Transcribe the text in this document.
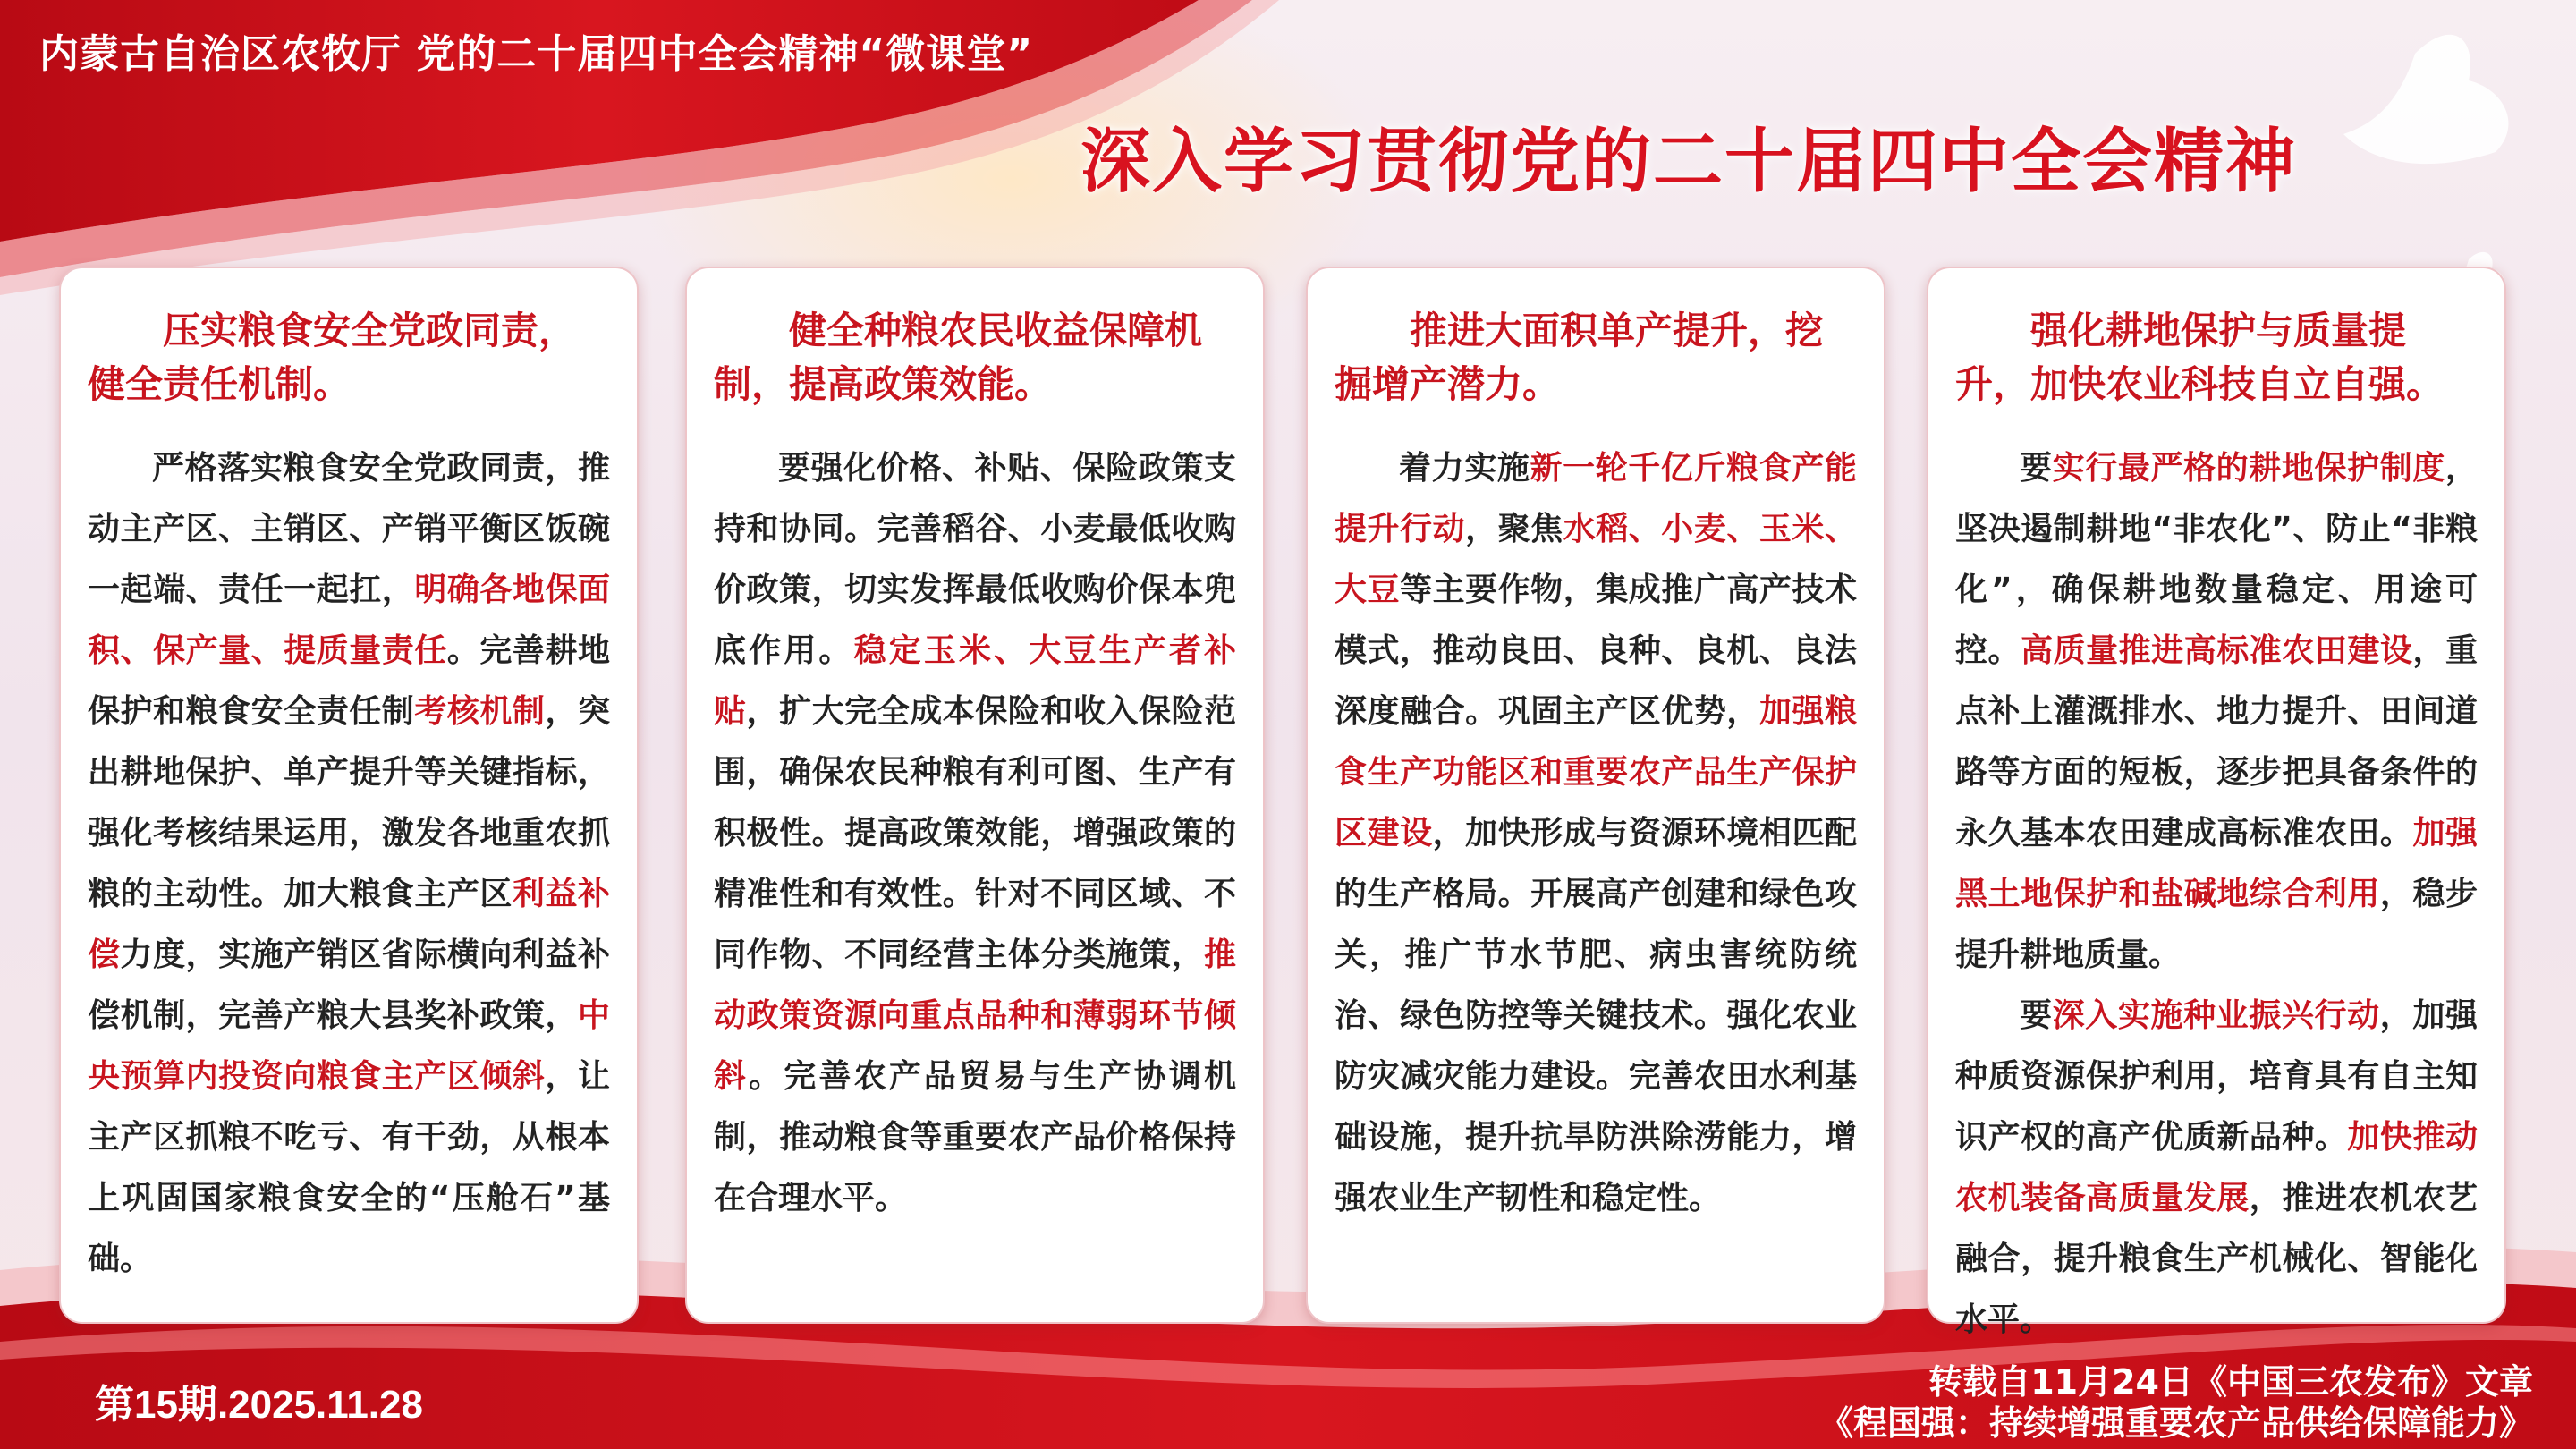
内蒙古自治区农牧厅 党的二十届四中全会精神“微课堂”
深入学习贯彻党的二十届四中全会精神
压实粮食安全党政同责，健全责任机制。
严格落实粮食安全党政同责，推动主产区、主销区、产销平衡区饭碗一起端、责任一起扛，明确各地保面积、保产量、提质量责任。完善耕地保护和粮食安全责任制考核机制，突出耕地保护、单产提升等关键指标，强化考核结果运用，激发各地重农抓粮的主动性。加大粮食主产区利益补偿力度，实施产销区省际横向利益补偿机制，完善产粮大县奖补政策，中央预算内投资向粮食主产区倾斜，让主产区抓粮不吃亏、有干劲，从根本上巩固国家粮食安全的“压舱石”基础。
健全种粮农民收益保障机制，提高政策效能。
要强化价格、补贴、保险政策支持和协同。完善稻谷、小麦最低收购价政策，切实发挥最低收购价保本兜底作用。稳定玉米、大豆生产者补贴，扩大完全成本保险和收入保险范围，确保农民种粮有利可图、生产有积极性。提高政策效能，增强政策的精准性和有效性。针对不同区域、不同作物、不同经营主体分类施策，推动政策资源向重点品种和薄弱环节倾斜。完善农产品贸易与生产协调机制，推动粮食等重要农产品价格保持在合理水平。
推进大面积单产提升，挖掘增产潜力。
着力实施新一轮千亿斤粮食产能提升行动，聚焦水稻、小麦、玉米、大豆等主要作物，集成推广高产技术模式，推动良田、良种、良机、良法深度融合。巩固主产区优势，加强粮食生产功能区和重要农产品生产保护区建设，加快形成与资源环境相匹配的生产格局。开展高产创建和绿色攻关，推广节水节肥、病虫害统防统治、绿色防控等关键技术。强化农业防灾减灾能力建设。完善农田水利基础设施，提升抗旱防洪除涝能力，增强农业生产韧性和稳定性。
强化耕地保护与质量提升，加快农业科技自立自强。
要实行最严格的耕地保护制度，坚决遏制耕地“非农化”、防止“非粮化”，确保耕地数量稳定、用途可控。高质量推进高标准农田建设，重点补上灌溉排水、地力提升、田间道路等方面的短板，逐步把具备条件的永久基本农田建成高标准农田。加强黑土地保护和盐碱地综合利用，稳步提升耕地质量。
要深入实施种业振兴行动，加强种质资源保护利用，培育具有自主知识产权的高产优质新品种。加快推动农机装备高质量发展，推进农机农艺融合，提升粮食生产机械化、智能化水平。
第15期.2025.11.28
转载自11月24日《中国三农发布》文章
《程国强：持续增强重要农产品供给保障能力》
